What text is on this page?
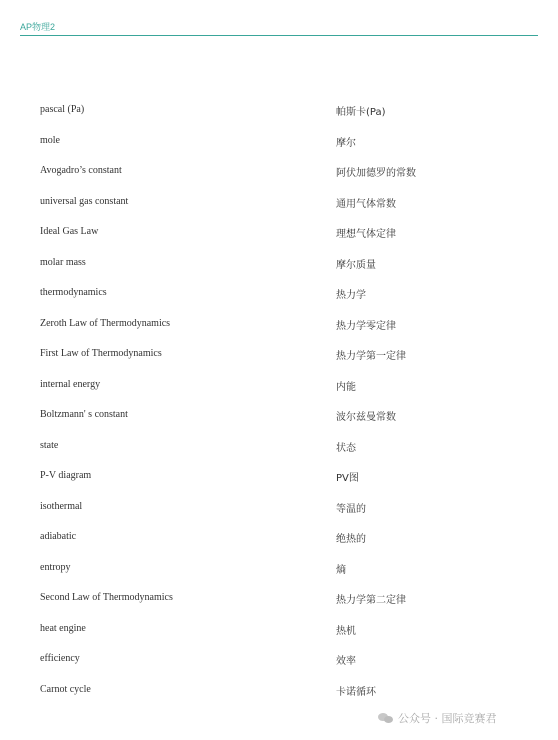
AP物理2
pascal (Pa)	帕斯卡(Pa)
mole	摩尔
Avogadro’s constant	阿伏加德罗的常数
universal gas constant	通用气体常数
Ideal Gas Law	理想气体定律
molar mass	摩尔质量
thermodynamics	热力学
Zeroth Law of Thermodynamics	热力学零定律
First Law of Thermodynamics	热力学第一定律
internal energy	内能
Boltzmann' s constant	波尔兹曼常数
state	状态
P-V diagram	PV图
isothermal	等温的
adiabatic	绝热的
entropy	熵
Second Law of Thermodynamics	热力学第二定律
heat engine	热机
efficiency	效率
Carnot cycle	卡诺循环
公众号 · 国际竞赛君
